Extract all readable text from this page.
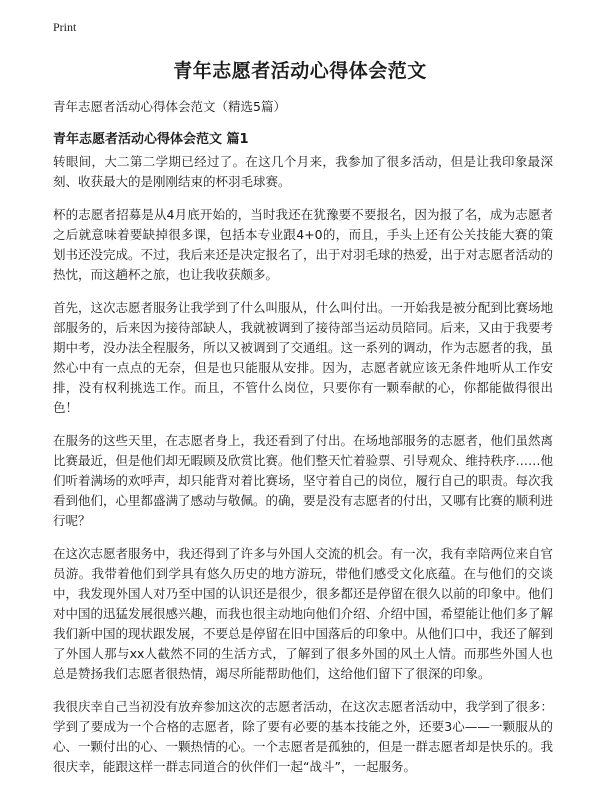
Print
青年志愿者活动心得体会范文

青年志愿者活动心得体会范文（精选5篇）

青年志愿者活动心得体会范文 篇1

转眼间，大二第二学期已经过了。在这几个月来，我参加了很多活动，但是让我印象最深刻、收获最大的是刚刚结束的杯羽毛球赛。

杯的志愿者招募是从4月底开始的，当时我还在犹豫要不要报名，因为报了名，成为志愿者之后就意味着要缺掉很多课，包括本专业跟4+0的，而且，手头上还有公关技能大赛的策划书还没完成。不过，我后来还是决定报名了，出于对羽毛球的热爱，出于对志愿者活动的热忱，而这趟杯之旅，也让我收获颇多。

首先，这次志愿者服务让我学到了什么叫服从，什么叫付出。一开始我是被分配到比赛场地部服务的，后来因为接待部缺人，我就被调到了接待部当运动员陪同。后来，又由于我要考期中考，没办法全程服务，所以又被调到了交通组。这一系列的调动，作为志愿者的我，虽然心中有一点点的无奈，但是也只能服从安排。因为，志愿者就应该无条件地听从工作安排，没有权利挑选工作。而且，不管什么岗位，只要你有一颗奉献的心，你都能做得很出色！

在服务的这些天里，在志愿者身上，我还看到了付出。在场地部服务的志愿者，他们虽然离比赛最近，但是他们却无暇顾及欣赏比赛。他们整天忙着验票、引导观众、维持秩序……他们听着满场的欢呼声，却只能背对着比赛场，坚守着自己的岗位，履行自己的职责。每次我看到他们，心里都盛满了感动与敬佩。的确，要是没有志愿者的付出，又哪有比赛的顺利进行呢？

在这次志愿者服务中，我还得到了许多与外国人交流的机会。有一次，我有幸陪两位来自官员游。我带着他们到学具有悠久历史的地方游玩，带他们感受文化底蕴。在与他们的交谈中，我发现外国人对乃至中国的认识还是很少，很多都还是停留在很久以前的印象中。他们对中国的迅猛发展很感兴趣，而我也很主动地向他们介绍、介绍中国，希望能让他们多了解我们新中国的现状跟发展，不要总是停留在旧中国落后的印象中。从他们口中，我还了解到了外国人那与xx人截然不同的生活方式，了解到了很多外国的风土人情。而那些外国人也总是赞扬我们志愿者很热情，竭尽所能帮助他们，这给他们留下了很深的印象。

我很庆幸自己当初没有放弃参加这次的志愿者活动，在这次志愿者活动中，我学到了很多：学到了要成为一个合格的志愿者，除了要有必要的基本技能之外，还要3心——一颗服从的心、一颗付出的心、一颗热情的心。一个志愿者是孤独的，但是一群志愿者却是快乐的。我很庆幸，能跟这样一群志同道合的伙伴们一起“战斗”，一起服务。
